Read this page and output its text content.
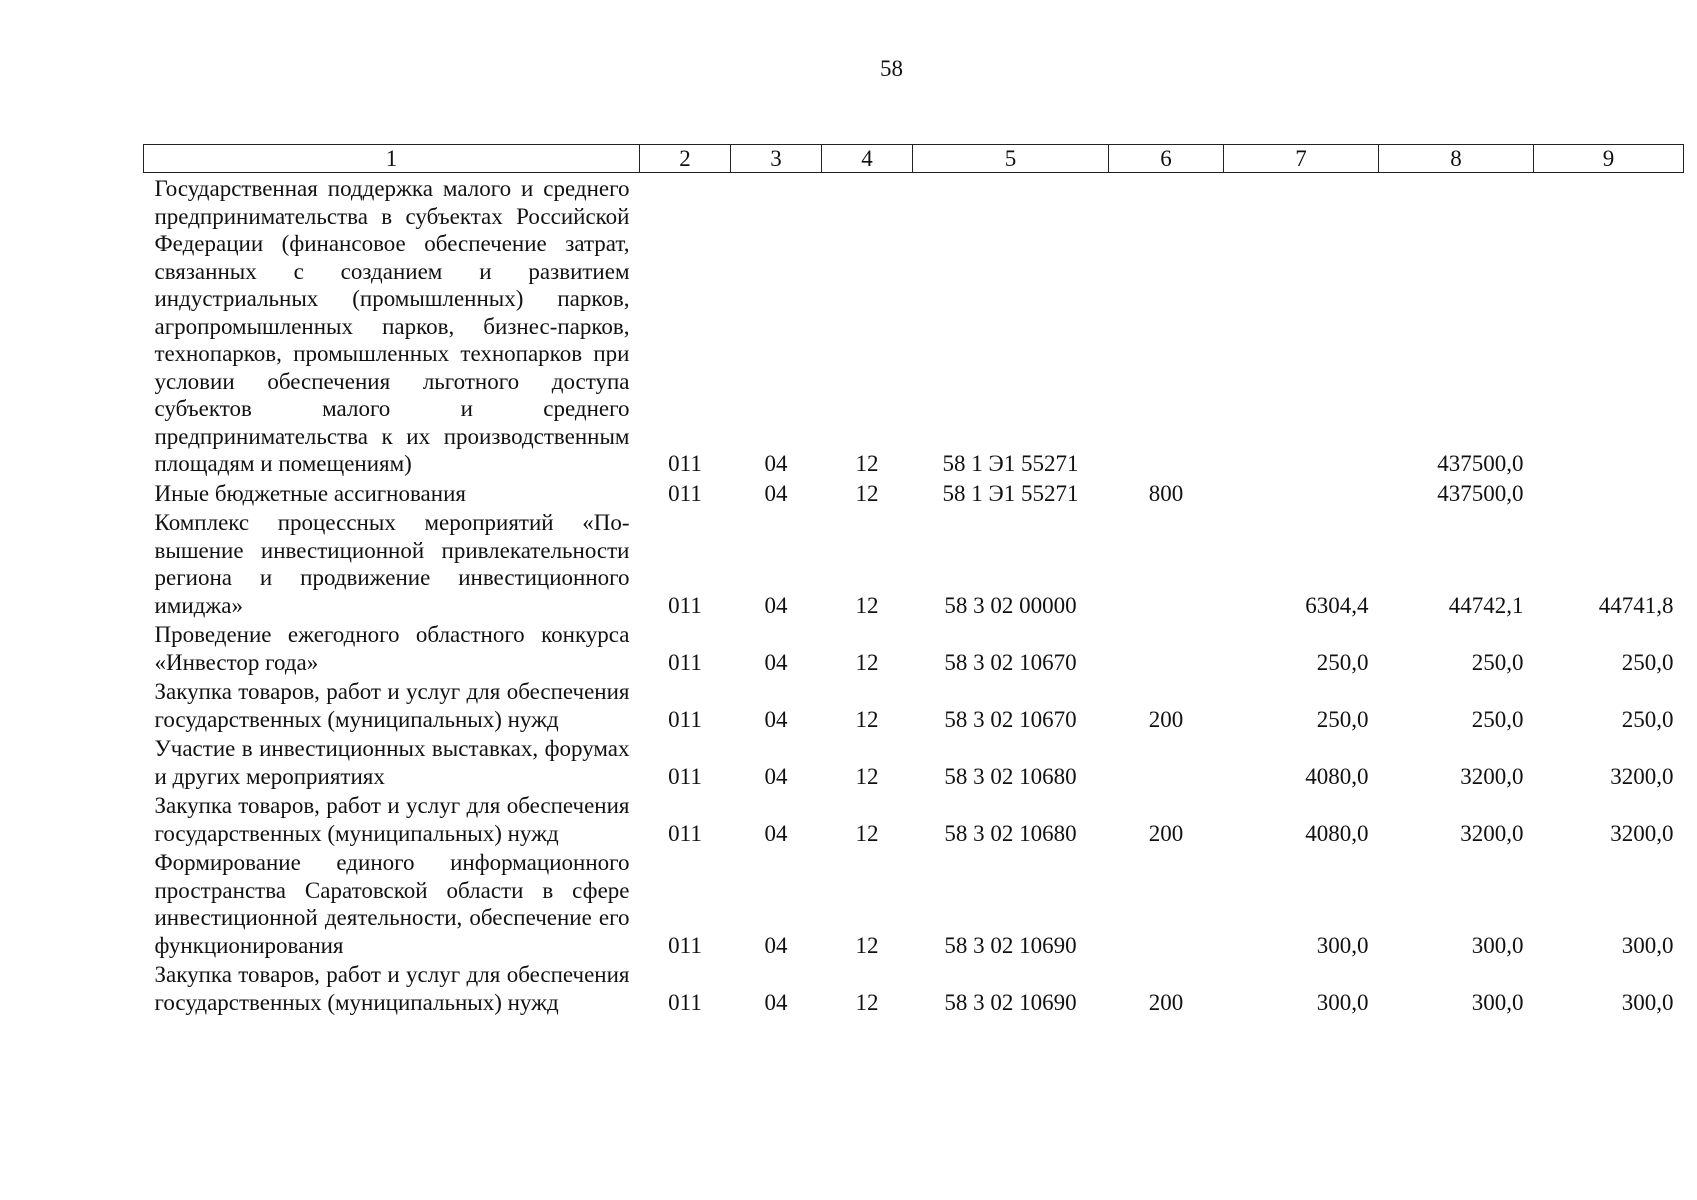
58
1	2	3	4	5	6	7	8	9
Государственная поддержка малого и среднего предпринимательства в субъектах Российской Федерации (финансовое обеспечение затрат, связанных с созданием и развитием индустриальных (промышленных) парков, агропромышленных парков, бизнес-парков, технопарков, промышленных технопарков при условии обеспечения льготного доступа субъектов малого и среднего предпринимательства к их производственным площадям и помещениям)	011	04	12	58 1 Э1 55271			437500,0	
Иные бюджетные ассигнования	011	04	12	58 1 Э1 55271	800		437500,0	
Комплекс процессных мероприятий «Повышение инвестиционной привлекательности региона и продвижение инвестиционного имиджа»	011	04	12	58 3 02 00000		6304,4	44742,1	44741,8
Проведение ежегодного областного конкурса «Инвестор года»	011	04	12	58 3 02 10670		250,0	250,0	250,0
Закупка товаров, работ и услуг для обеспечения государственных (муниципальных) нужд	011	04	12	58 3 02 10670	200	250,0	250,0	250,0
Участие в инвестиционных выставках, форумах и других мероприятиях	011	04	12	58 3 02 10680		4080,0	3200,0	3200,0
Закупка товаров, работ и услуг для обеспечения государственных (муниципальных) нужд	011	04	12	58 3 02 10680	200	4080,0	3200,0	3200,0
Формирование единого информационного пространства Саратовской области в сфере инвестиционной деятельности, обеспечение его функционирования	011	04	12	58 3 02 10690		300,0	300,0	300,0
Закупка товаров, работ и услуг для обеспечения государственных (муниципальных) нужд	011	04	12	58 3 02 10690	200	300,0	300,0	300,0
